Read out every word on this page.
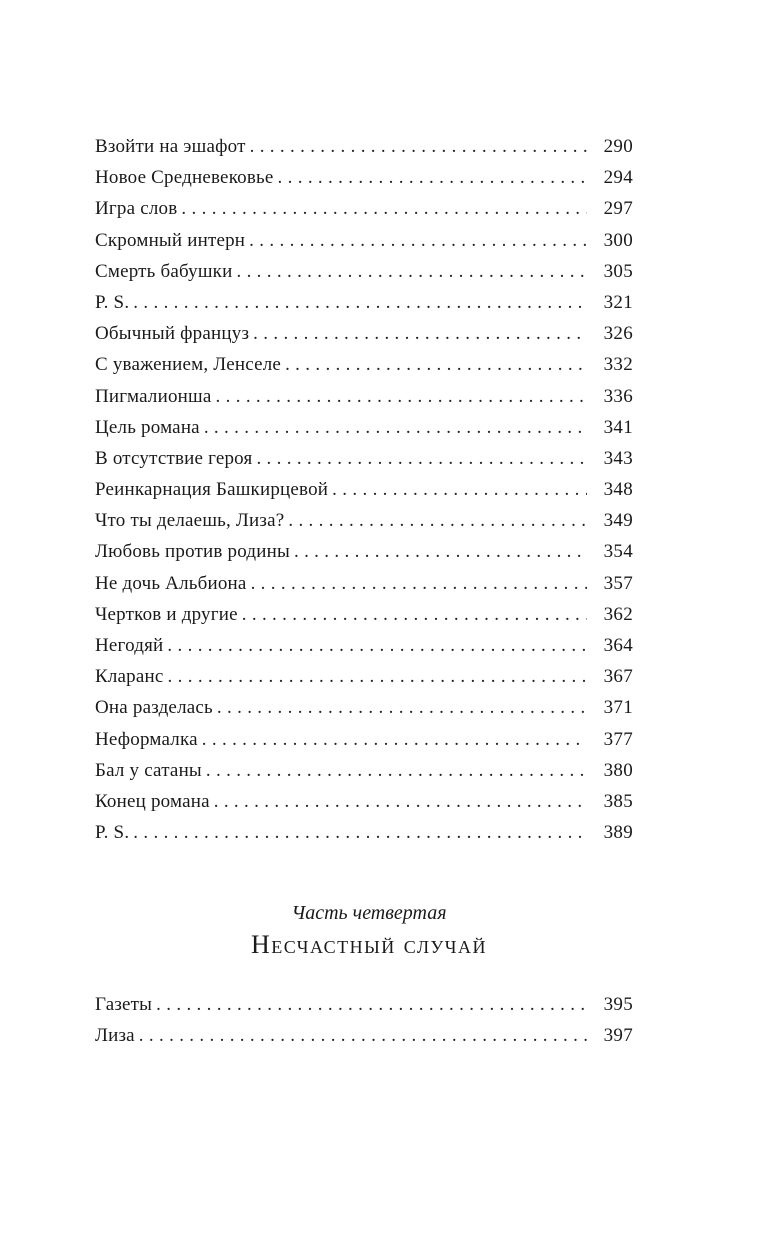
Взойти на эшафот . . .	290
Новое Средневековье . . .	294
Игра слов . . .	297
Скромный интерн . . .	300
Смерть бабушки . . .	305
P. S. . . .	321
Обычный француз . . .	326
С уважением, Ленселе . . .	332
Пигмалионша . . .	336
Цель романа . . .	341
В отсутствие героя . . .	343
Реинкарнация Башкирцевой . . .	348
Что ты делаешь, Лиза? . . .	349
Любовь против родины . . .	354
Не дочь Альбиона . . .	357
Чертков и другие . . .	362
Негодяй . . .	364
Кларанс . . .	367
Она разделась . . .	371
Неформалка . . .	377
Бал у сатаны . . .	380
Конец романа . . .	385
P. S. . . .	389
Часть четвертая
Несчастный случай
Газеты . . .	395
Лиза . . .	397
